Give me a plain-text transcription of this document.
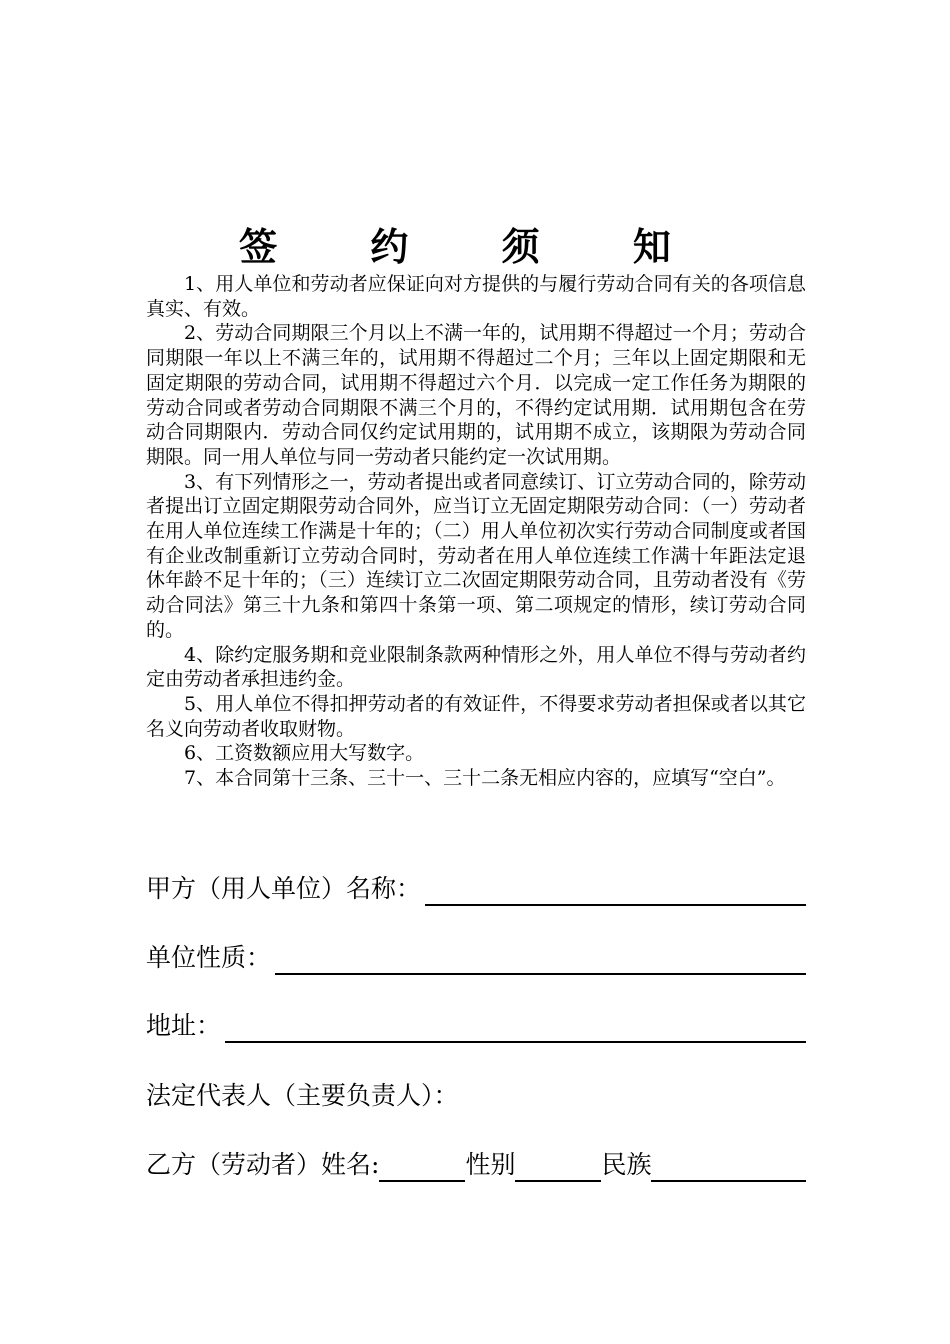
签 约 须 知

1、用人单位和劳动者应保证向对方提供的与履行劳动合同有关的各项信息真实、有效。

2、劳动合同期限三个月以上不满一年的，试用期不得超过一个月；劳动合同期限一年以上不满三年的，试用期不得超过二个月；三年以上固定期限和无固定期限的劳动合同，试用期不得超过六个月．以完成一定工作任务为期限的劳动合同或者劳动合同期限不满三个月的，不得约定试用期．试用期包含在劳动合同期限内．劳动合同仅约定试用期的，试用期不成立，该期限为劳动合同期限。同一用人单位与同一劳动者只能约定一次试用期。

3、有下列情形之一，劳动者提出或者同意续订、订立劳动合同的，除劳动者提出订立固定期限劳动合同外，应当订立无固定期限劳动合同：（一）劳动者在用人单位连续工作满是十年的；（二）用人单位初次实行劳动合同制度或者国有企业改制重新订立劳动合同时，劳动者在用人单位连续工作满十年距法定退休年龄不足十年的；（三）连续订立二次固定期限劳动合同，且劳动者没有《劳动合同法》第三十九条和第四十条第一项、第二项规定的情形，续订劳动合同的。

4、除约定服务期和竞业限制条款两种情形之外，用人单位不得与劳动者约定由劳动者承担违约金。

5、用人单位不得扣押劳动者的有效证件，不得要求劳动者担保或者以其它名义向劳动者收取财物。

6、工资数额应用大写数字。

7、本合同第十三条、三十一、三十二条无相应内容的，应填写“空白”。

甲方（用人单位）名称：
单位性质：
地址：
法定代表人（主要负责人）：
乙方（劳动者）姓名:	性别	民族
